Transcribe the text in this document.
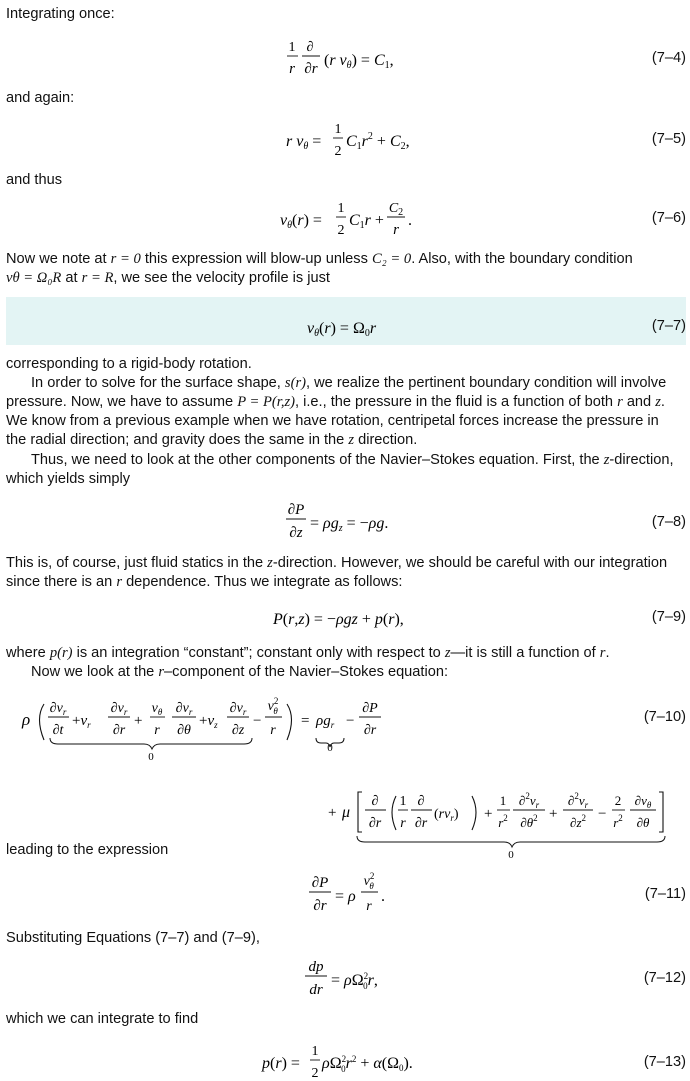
Integrating once:
and again:
and thus
Now we note at r = 0 this expression will blow-up unless C₂ = 0. Also, with the boundary condition
vθ = Ω₀R at r = R, we see the velocity profile is just
corresponding to a rigid-body rotation.
In order to solve for the surface shape, s(r), we realize the pertinent boundary condition will involve
pressure. Now, we have to assume P = P(r,z), i.e., the pressure in the fluid is a function of both r and z.
We know from a previous example when we have rotation, centripetal forces increase the pressure in
the radial direction; and gravity does the same in the z direction.
Thus, we need to look at the other components of the Navier–Stokes equation. First, the z-direction,
which yields simply
This is, of course, just fluid statics in the z-direction. However, we should be careful with our integration
since there is an r dependence. Thus we integrate as follows:
where p(r) is an integration “constant”; constant only with respect to z—it is still a function of r.
Now we look at the r–component of the Navier–Stokes equation:
leading to the expression
Substituting Equations (7–7) and (7–9),
which we can integrate to find
(7–4)
(7–5)
(7–6)
(7–7)
(7–8)
(7–9)
(7–10)
(7–11)
(7–12)
(7–13)
1
r
∂
∂r (r vθ) = C1,
r vθ =
1
2
$C1r^2 + C2$,
vθ(r) =
1
2
C1r +
$C_2$
r
.
vθ(r) = Ω0r
∂P
∂z
= ρgz = −ρg.
P(r,z) = −ρgz + p(r),
ρ
$\partial v_r$
∂t
$+v_r$
$\partial v_r$
∂r
+
$v_\theta$
r
$\partial v_r$
∂θ
$+v_z$
$\partial v_r$
∂z
−
$v^2$ θ
r
= $\rho g_r$ −
∂P
∂r
0
0
+ μ
∂
∂r
1
r
∂
∂r
$(rv_r)$ +
1
$r^2$
$\partial^2v_r$
$\partial\theta^2$ +
$\partial^2v_r$
$\partial z^2$ −
2
$r^2$
$\partial v_\theta$
∂θ
0
∂P
∂r
= ρ
$v^2$ θ
r
.
dp
dr
= $\rho\Omega^2$ 0r,
p(r) =
1
2
$\rho\Omega^2$ $0r^2 + \alpha(\Omega 0)$.
